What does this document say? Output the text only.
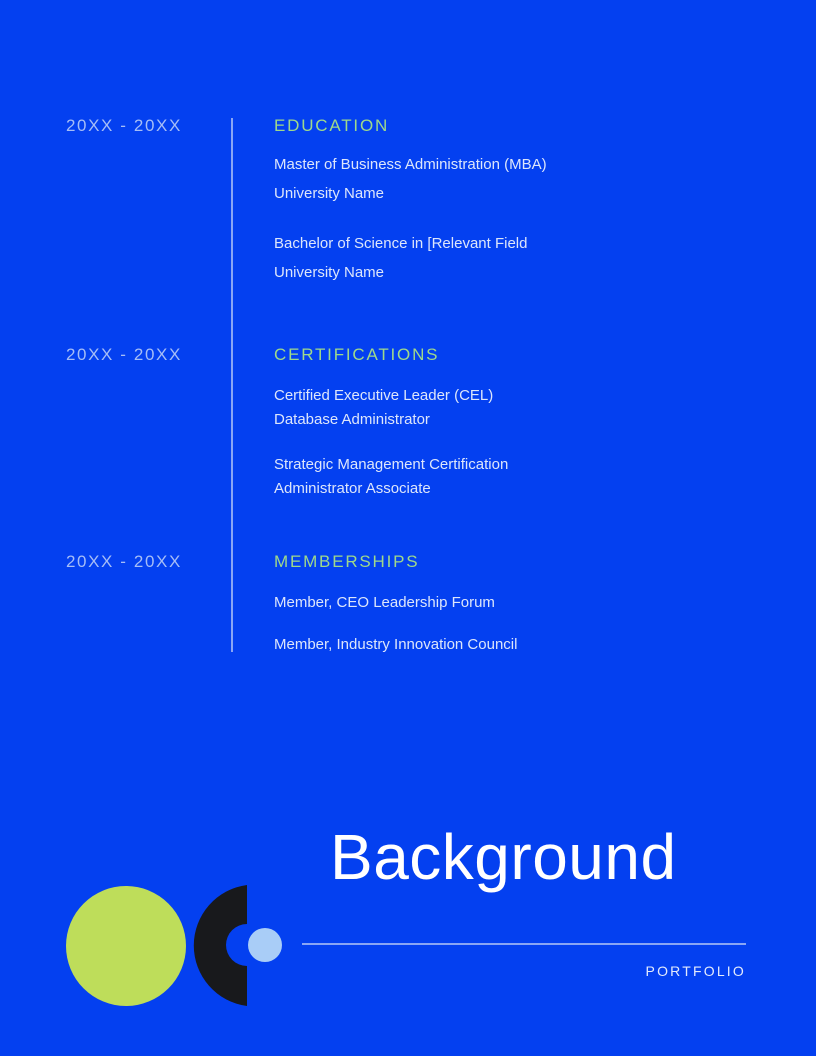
20XX - 20XX	EDUCATION
Master of Business Administration (MBA)
University Name
Bachelor of Science in [Relevant Field
University Name
20XX - 20XX	CERTIFICATIONS
Certified Executive Leader (CEL)
Database Administrator
Strategic Management Certification
Administrator Associate
20XX - 20XX	MEMBERSHIPS
Member, CEO Leadership Forum
Member, Industry Innovation Council
Background
PORTFOLIO
